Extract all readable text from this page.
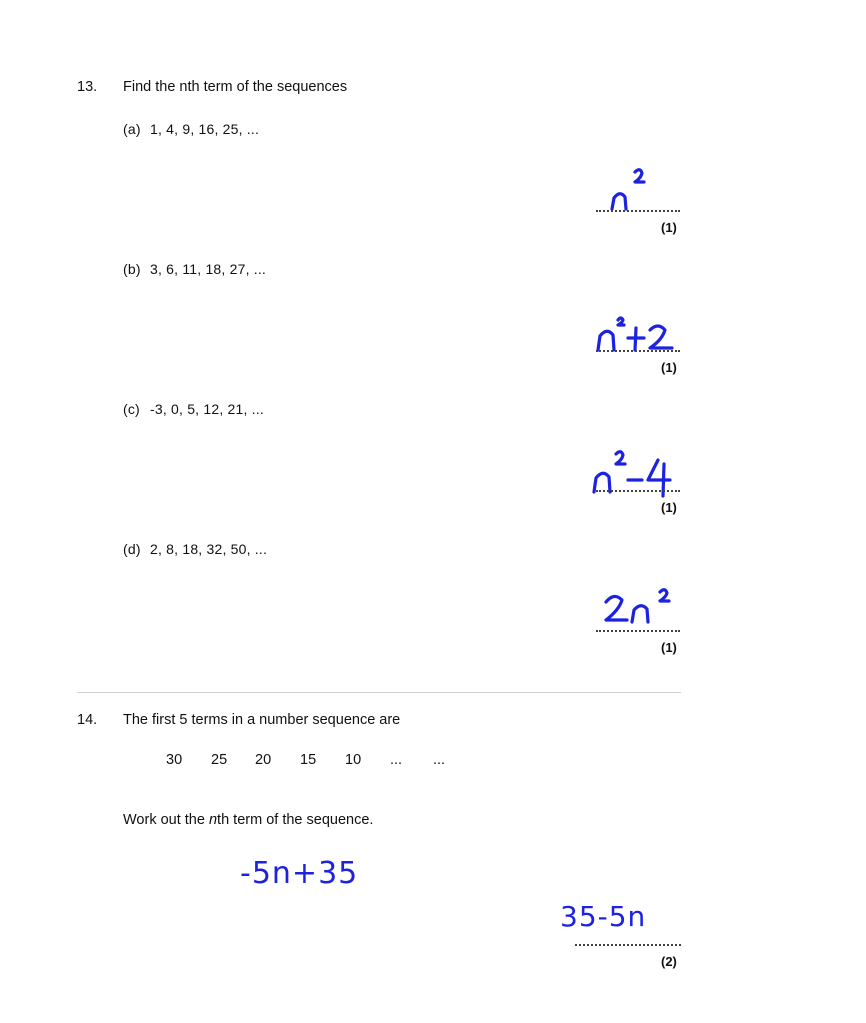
13. Find the nth term of the sequences
(a) 1, 4, 9, 16, 25, ...
(1)
(b) 3, 6, 11, 18, 27, ...
(1)
(c) -3, 0, 5, 12, 21, ...
(1)
(d) 2, 8, 18, 32, 50, ...
(1)
14. The first 5 terms in a number sequence are
30 25 20 15 10 ... ...
Work out the nth term of the sequence.
-5n+35
35-5n
(2)
